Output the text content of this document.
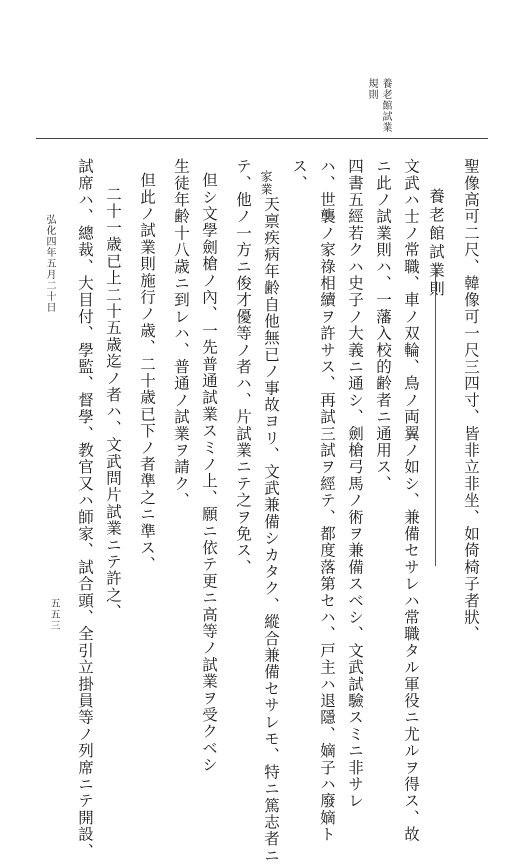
養老館試業
規則
聖像高可二尺、韓像可一尺三四寸、皆非立非坐、如倚椅子者狀、
養老館試業則
文武ハ士ノ常職、車ノ双輪、鳥ノ両翼ノ如シ、兼備セサレハ常職タル軍役ニ尤ルヲ得ス、故
ニ此ノ試業則ハ、一藩入校的齢者ニ通用ス、
四書五經若クハ史子ノ大義ニ通シ、劍槍弓馬ノ術ヲ兼備スベシ、文武試驗スミニ非サレ
ハ、世襲ノ家祿相續ヲ許サス、再試三試ヲ經テ、都度落第セハ、戸主ハ退隱、嫡子ハ廢嫡ト
ス、
家業
天禀疾病年齢自他無已ノ事故ヨリ、文武兼備シカタク、縱合兼備セサレモ、特ニ篤志者ニ
テ、他ノ一方ニ俊才優等ノ者ハ、片試業ニテ之ヲ免ス、
但シ文學劍槍ノ內、一先普通試業スミノ上、願ニ依テ更ニ高等ノ試業ヲ受クベシ
生徒年齢十八歳ニ到レハ、普通ノ試業ヲ請ク、
但此ノ試業則施行ノ歳、二十歳已下ノ者準之ニ準ス、
二十一歳已上二十五歳迄ノ者ハ、文武問片試業ニテ許之、
試席ハ、總裁、大目付、學監、督學、教官又ハ師家、試合頭、全引立掛員等ノ列席ニテ開設、
弘化四年五月二十日
五五三
